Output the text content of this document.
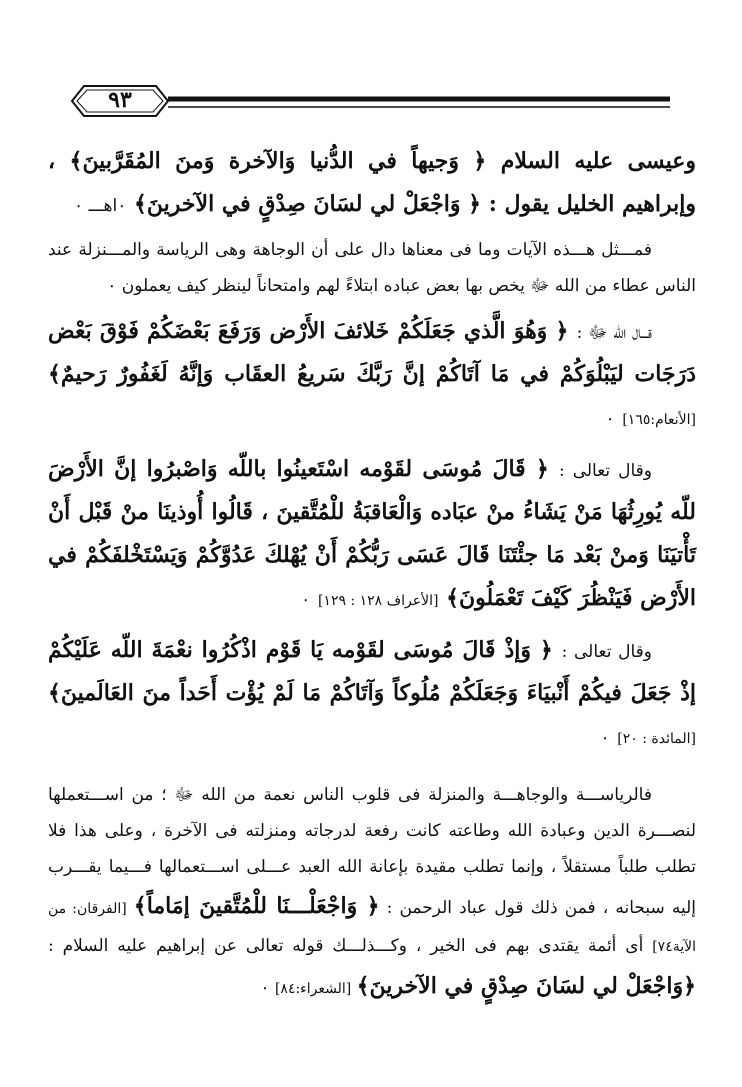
٩٣

وعيسى عليه السلام ﴿ وَجيهاً في الدُّنيا وَالآخرة وَمنَ المُقَرَّبينَ﴾ ، وإبراهيم الخليل يقول : ﴿ وَاجْعَلْ لي لسَانَ صِدْقٍ في الآخرينَ﴾ ٠اهـــ ٠

فمـــثل هـــذه الآيات وما فى معناها دال على أن الوجاهة وهى الرياسة والمـــنزلة عند الناس عطاء من الله ﷻ يخص بها بعض عباده ابتلاءً لهم وامتحاناً لينظر كيف يعملون ٠

قـــال الله ﷻ : ﴿ وَهُوَ الَّذي جَعَلَكُمْ خَلائفَ الأَرْض وَرَفَعَ بَعْضَكُمْ فَوْقَ بَعْض دَرَجَات ليَبْلُوَكُمْ في مَا آتَاكُمْ إنَّ رَبَّكَ سَريعُ العقَاب وَإنَّهُ لَغَفُورٌ رَحيمٌ﴾ [الأنعام:١٦٥] ٠

وقال تعالى : ﴿ قَالَ مُوسَى لقَوْمه اسْتَعينُوا باللّه وَاصْبرُوا إنَّ الأَرْضَ للّه يُورِثُهَا مَنْ يَشَاءُ منْ عبَاده وَالْعَاقبَةُ للْمُتَّقينَ ، قَالُوا أُوذينَا منْ قَبْل أَنْ تَأْتيَنَا وَمنْ بَعْد مَا جئْتَنَا قَالَ عَسَى رَبُّكُمْ أَنْ يُهْلكَ عَدُوَّكُمْ وَيَسْتَخْلفَكُمْ في الأَرْض فَيَنْظُرَ كَيْفَ تَعْمَلُونَ﴾ [الأعراف ١٢٨ : ١٢٩] ٠

وقال تعالى : ﴿ وَإذْ قَالَ مُوسَى لقَوْمه يَا قَوْم اذْكُرُوا نعْمَةَ اللّه عَلَيْكُمْ إذْ جَعَلَ فيكُمْ أَنْبيَاءَ وَجَعَلَكُمْ مُلُوكاً وَآتَاكُمْ مَا لَمْ يُؤْت أَحَداً منَ العَالَمينَ﴾ [المائدة : ٢٠] ٠

فالرياســـة والوجاهـــة والمنزلة فى قلوب الناس نعمة من الله ﷻ ؛ من اســـتعملها لنصـــرة الدين وعبادة الله وطاعته كانت رفعة لدرجاته ومنزلته فى الآخرة ، وعلى هذا فلا تطلب طلباً مستقلاً ، وإنما تطلب مقيدة بإعانة الله العبد عـــلى اســـتعمالها فـــيما يقـــرب إليه سبحانه ، فمن ذلك قول عباد الرحمن : ﴿ وَاجْعَلْـــنَا للْمُتَّقينَ إمَاماً﴾ [الفرقان: من الآية٧٤] أى أئمة يقتدى بهم فى الخير ، وكـــذلـــك قوله تعالى عن إبراهيم عليه السلام : ﴿وَاجْعَلْ لي لسَانَ صِدْقٍ في الآخرينَ﴾ [الشعراء:٨٤] ٠
